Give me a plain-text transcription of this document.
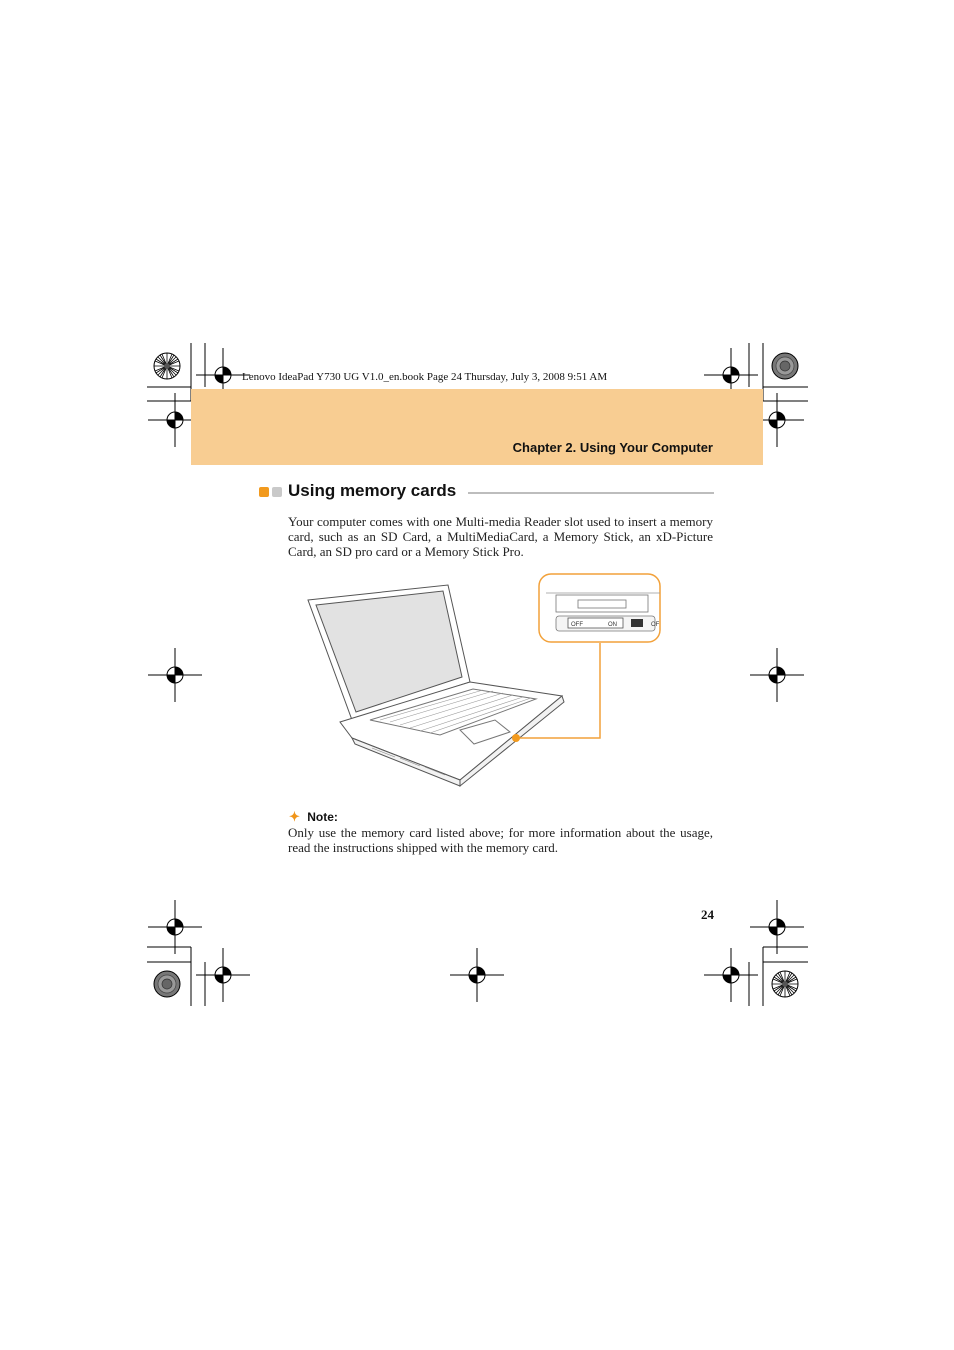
Lenovo IdeaPad Y730 UG V1.0_en.book Page 24 Thursday, July 3, 2008 9:51 AM
Chapter 2. Using Your Computer
Using memory cards
Your computer comes with one Multi-media Reader slot used to insert a memory card, such as an SD Card, a MultiMediaCard, a Memory Stick, an xD-Picture Card, an SD pro card or a Memory Stick Pro.
OFF	ON	OF
✦ Note:
Only use the memory card listed above; for more information about the usage, read the instructions shipped with the memory card.
24
